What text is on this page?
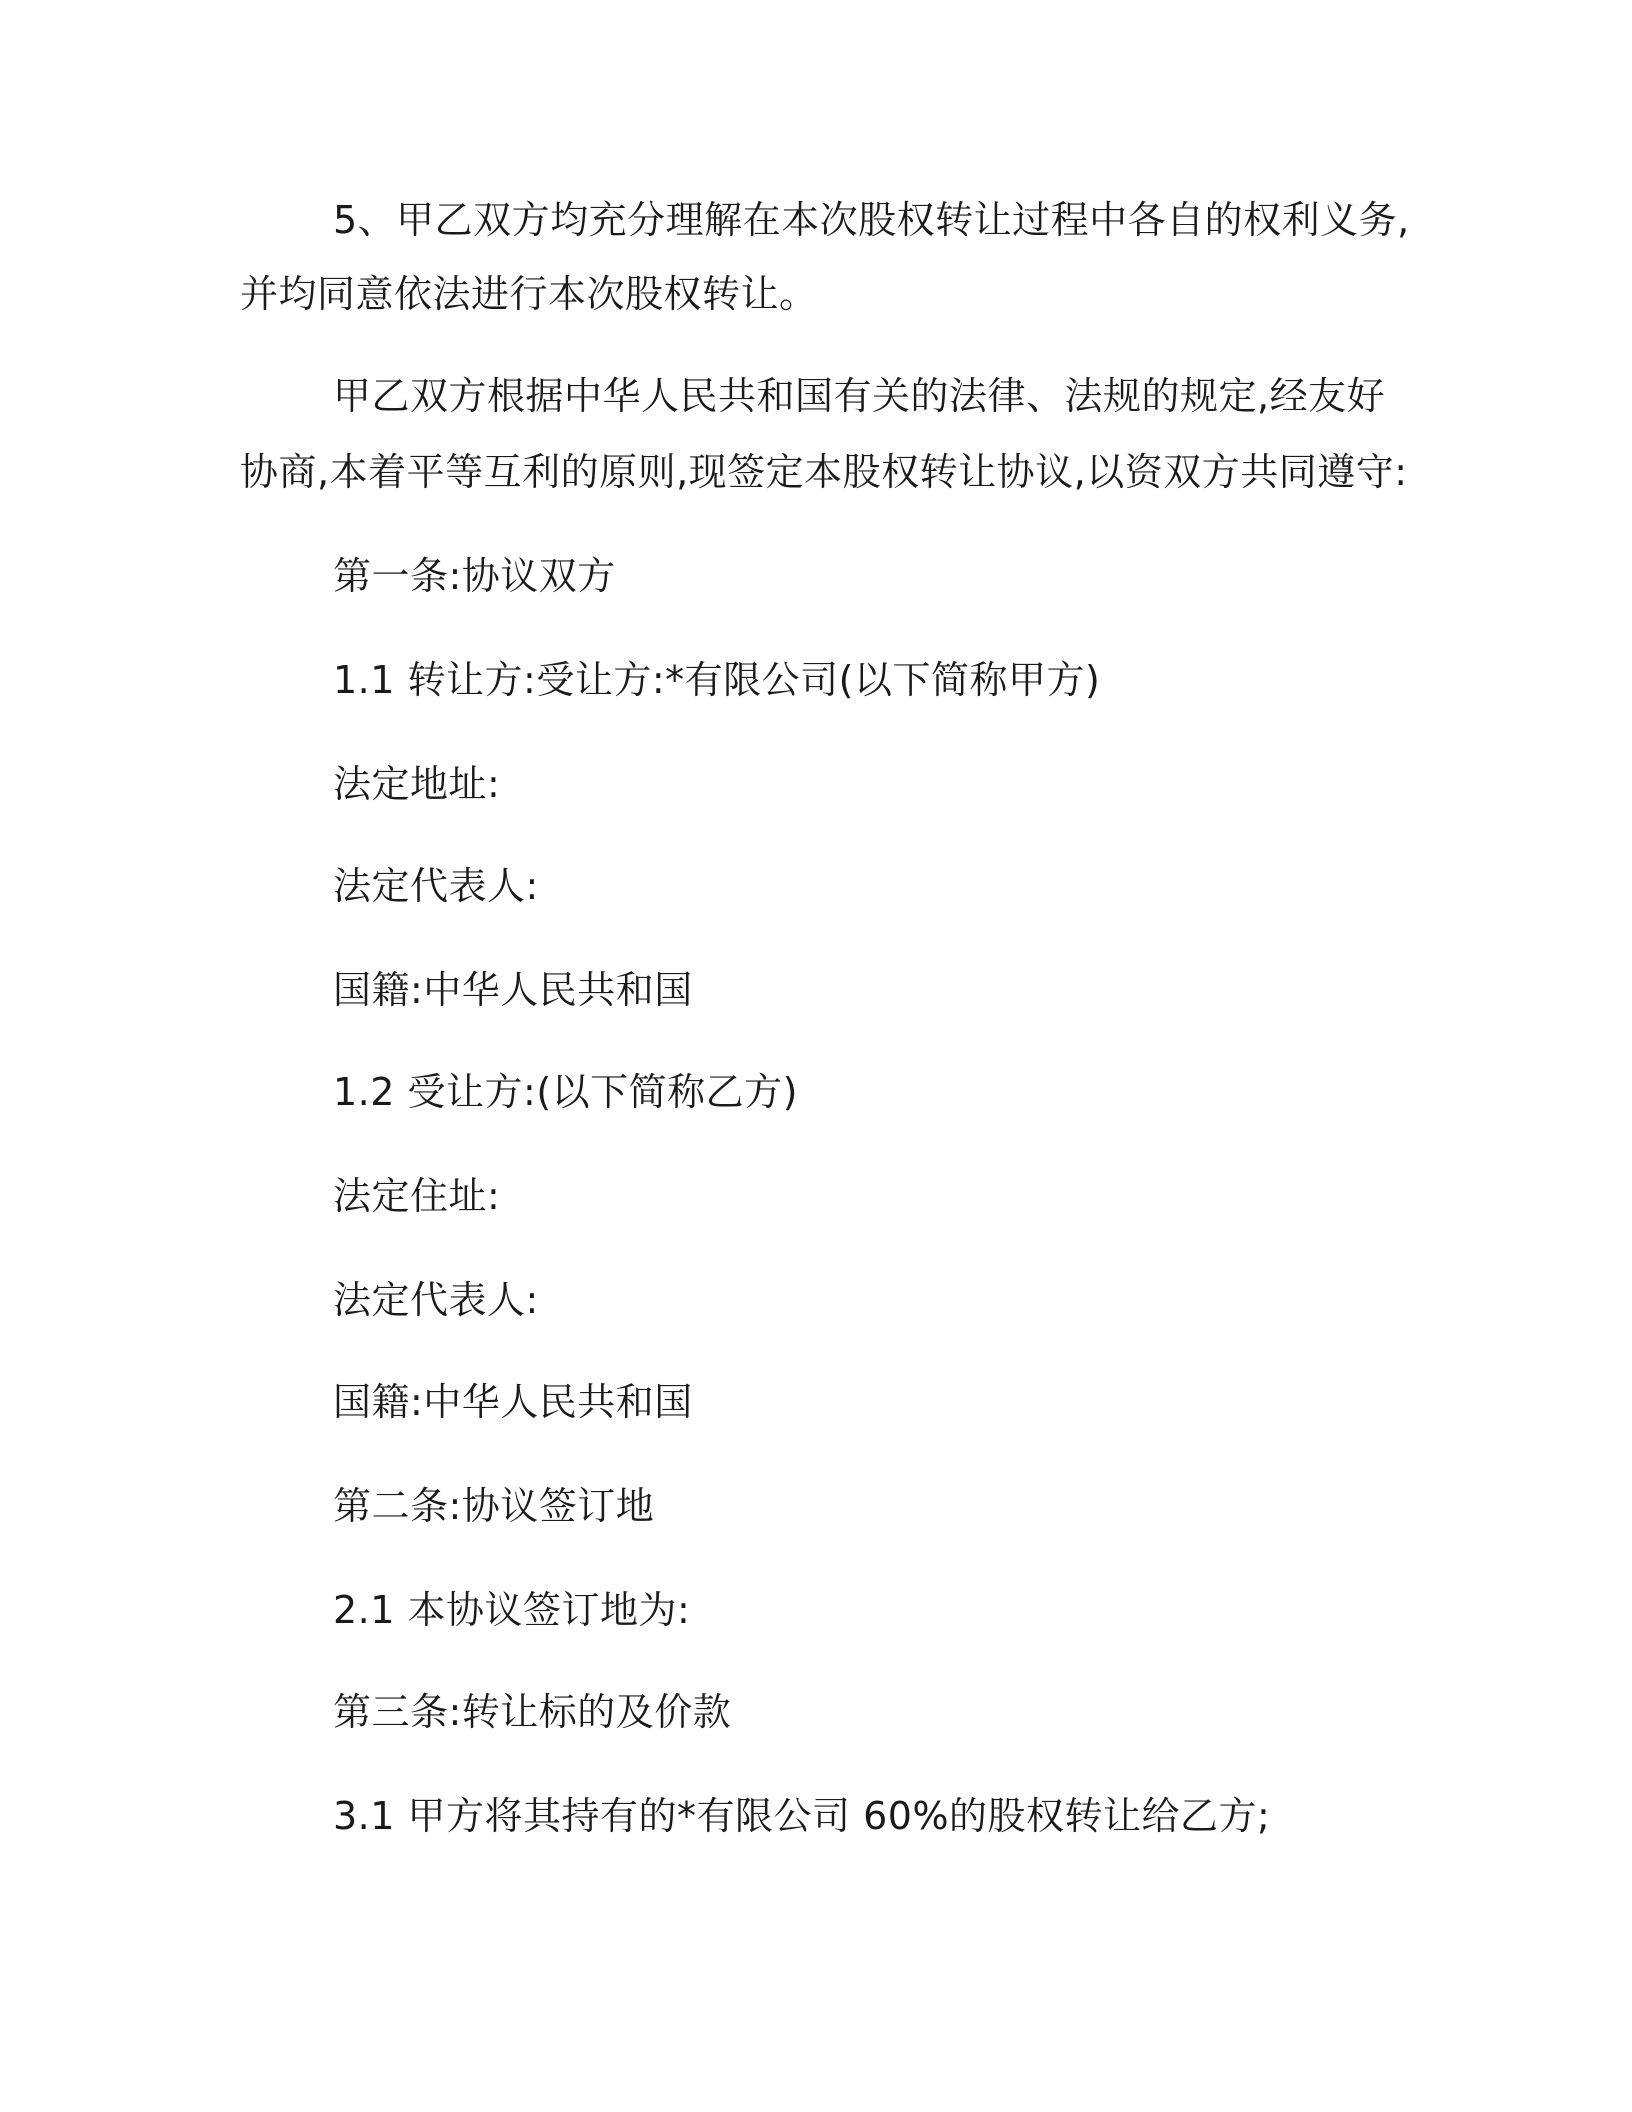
5、甲乙双方均充分理解在本次股权转让过程中各自的权利义务,
并均同意依法进行本次股权转让。
甲乙双方根据中华人民共和国有关的法律、法规的规定,经友好
协商,本着平等互利的原则,现签定本股权转让协议,以资双方共同遵守:
第一条:协议双方
1.1 转让方:受让方:*有限公司(以下简称甲方)
法定地址:
法定代表人:
国籍:中华人民共和国
1.2 受让方:(以下简称乙方)
法定住址:
法定代表人:
国籍:中华人民共和国
第二条:协议签订地
2.1 本协议签订地为:
第三条:转让标的及价款
3.1 甲方将其持有的*有限公司 60%的股权转让给乙方;
